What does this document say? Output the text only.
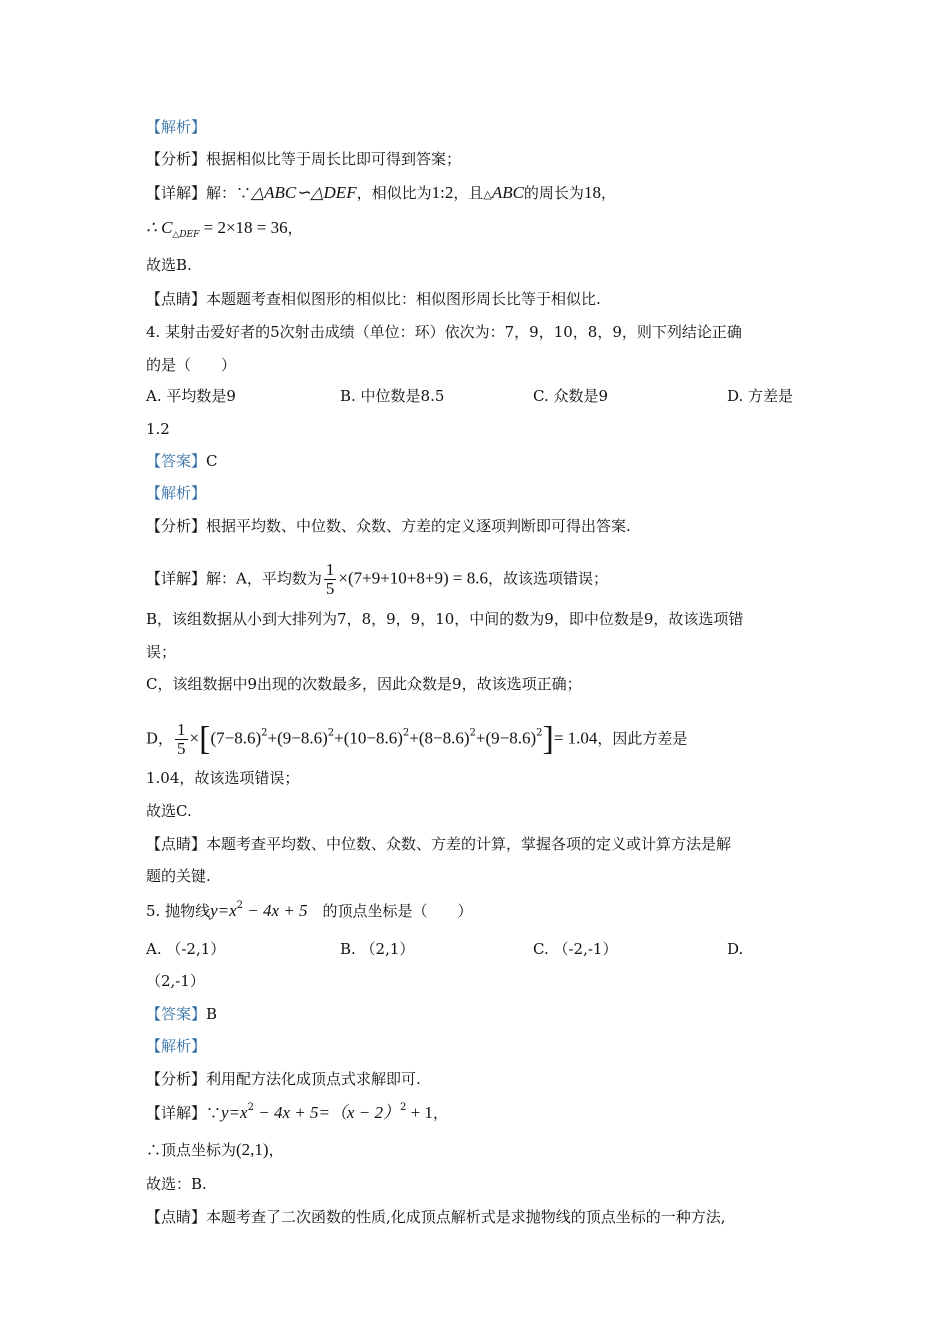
【解析】
【分析】根据相似比等于周长比即可得到答案；
【详解】解：∵△ABC∽△DEF，相似比为1:2，且△ABC的周长为18，
∴ $C_{\triangle DEF} = 2\times 18 = 36$，
故选B.
【点睛】本题题考查相似图形的相似比：相似图形周长比等于相似比.
4. 某射击爱好者的5次射击成绩（单位：环）依次为：7，9，10，8，9，则下列结论正确
的是（　　）
A. 平均数是9	B. 中位数是8.5	C. 众数是9	D. 方差是
1.2
【答案】C
【解析】
【分析】根据平均数、中位数、众数、方差的定义逐项判断即可得出答案.
【详解】解：A，平均数为 $\frac{1}{5} \times(7+9+10+8+9) = 8.6$，故该选项错误；
B，该组数据从小到大排列为7，8，9，9，10，中间的数为9，即中位数是9，故该选项错
误；
C，该组数据中9出现的次数最多，因此众数是9，故该选项正确；
D， $\frac{1}{5} \times[(7-8.6)^2+(9-8.6)^2+(10-8.6)^2+(8-8.6)^2+(9-8.6)^2]= 1.04$，因此方差是
1.04，故该选项错误；
故选C.
【点睛】本题考查平均数、中位数、众数、方差的计算，掌握各项的定义或计算方法是解
题的关键.
5. 抛物线$y=x^2 - 4x + 5$　的顶点坐标是（　　）
A. （-2,1）	B. （2,1）	C. （-2,-1）	D.
（2,-1）
【答案】B
【解析】
【分析】利用配方法化成顶点式求解即可.
【详解】$\because y=x^2 - 4x + 5=(x - 2)^2 + 1$，
∴顶点坐标为(2,1)，
故选：B.
【点睛】本题考查了二次函数的性质,化成顶点解析式是求抛物线的顶点坐标的一种方法,
